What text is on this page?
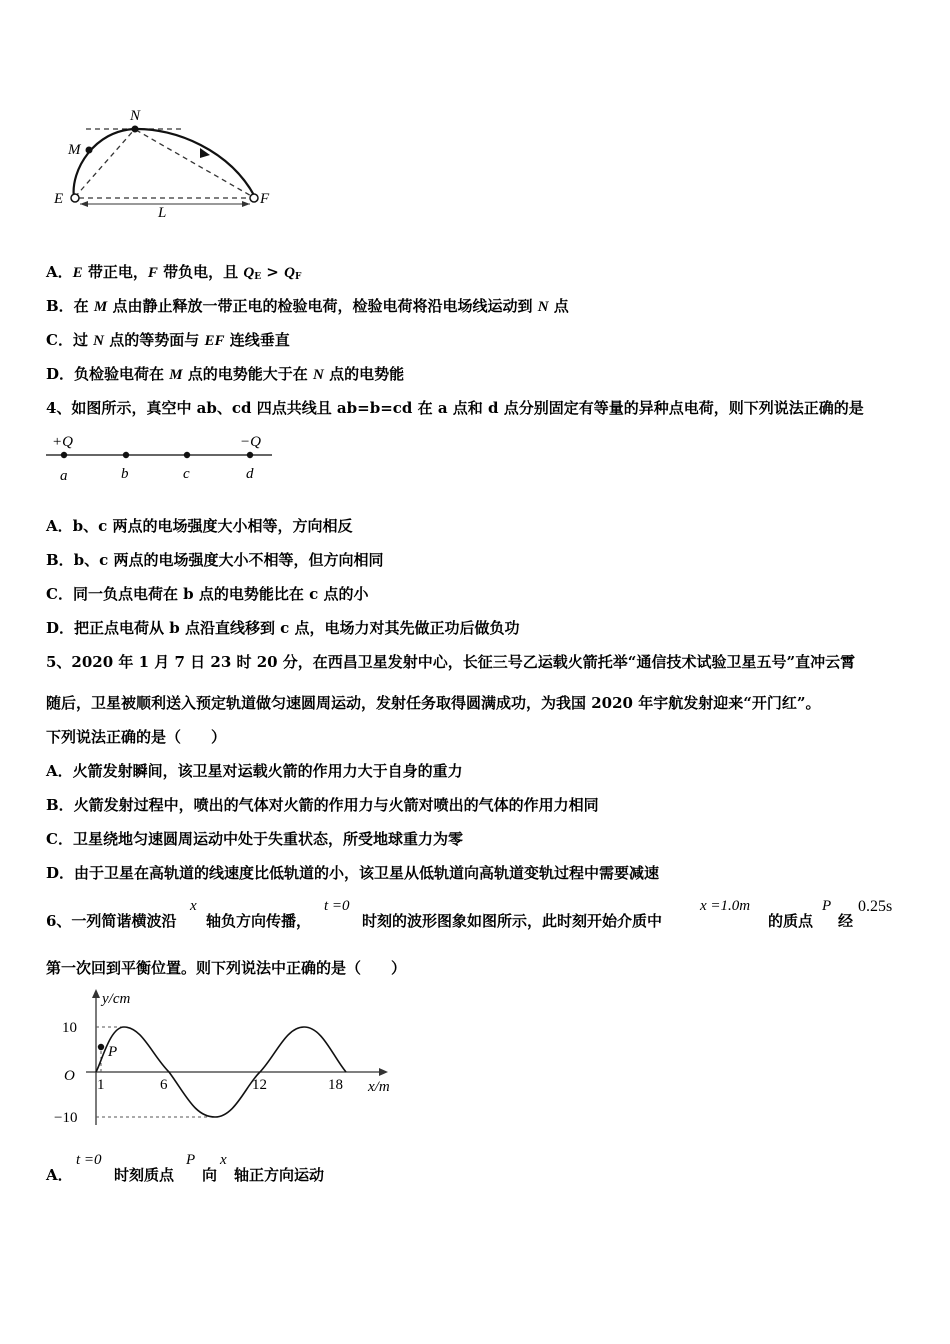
N
M
E	F
L
A．E 带正电，F 带负电，且 $Q_E > Q_F$
B．在 M 点由静止释放一带正电的检验电荷，检验电荷将沿电场线运动到 N 点
C．过 N 点的等势面与 EF 连线垂直
D．负检验电荷在 M 点的电势能大于在 N 点的电势能
4、如图所示，真空中 ab、cd 四点共线且 ab=b=cd 在 a 点和 d 点分别固定有等量的异种点电荷，则下列说法正确的是
+Q	−Q
a	b	c	d
A．b、c 两点的电场强度大小相等，方向相反
B．b、c 两点的电场强度大小不相等，但方向相同
C．同一负点电荷在 b 点的电势能比在 c 点的小
D．把正点电荷从 b 点沿直线移到 c 点，电场力对其先做正功后做负功
5、2020 年 1 月 7 日 23 时 20 分，在西昌卫星发射中心，长征三号乙运载火箭托举“通信技术试验卫星五号”直冲云霄
随后，卫星被顺利送入预定轨道做匀速圆周运动，发射任务取得圆满成功，为我国 2020 年宇航发射迎来“开门红”。
下列说法正确的是（　　）
A．火箭发射瞬间，该卫星对运载火箭的作用力大于自身的重力
B．火箭发射过程中，喷出的气体对火箭的作用力与火箭对喷出的气体的作用力相同
C．卫星绕地匀速圆周运动中处于失重状态，所受地球重力为零
D．由于卫星在高轨道的线速度比低轨道的小，该卫星从低轨道向高轨道变轨过程中需要减速
6、一列简谐横波沿
x
轴负方向传播，
t =0
时刻的波形图象如图所示，此时刻开始介质中
x =1.0m
的质点
P
经
0.25s
第一次回到平衡位置。则下列说法中正确的是（　　）
y/cm
x/m
O
P
10
−10
1	6	12	18
A．
t =0
时刻质点
P
向
x
轴正方向运动
